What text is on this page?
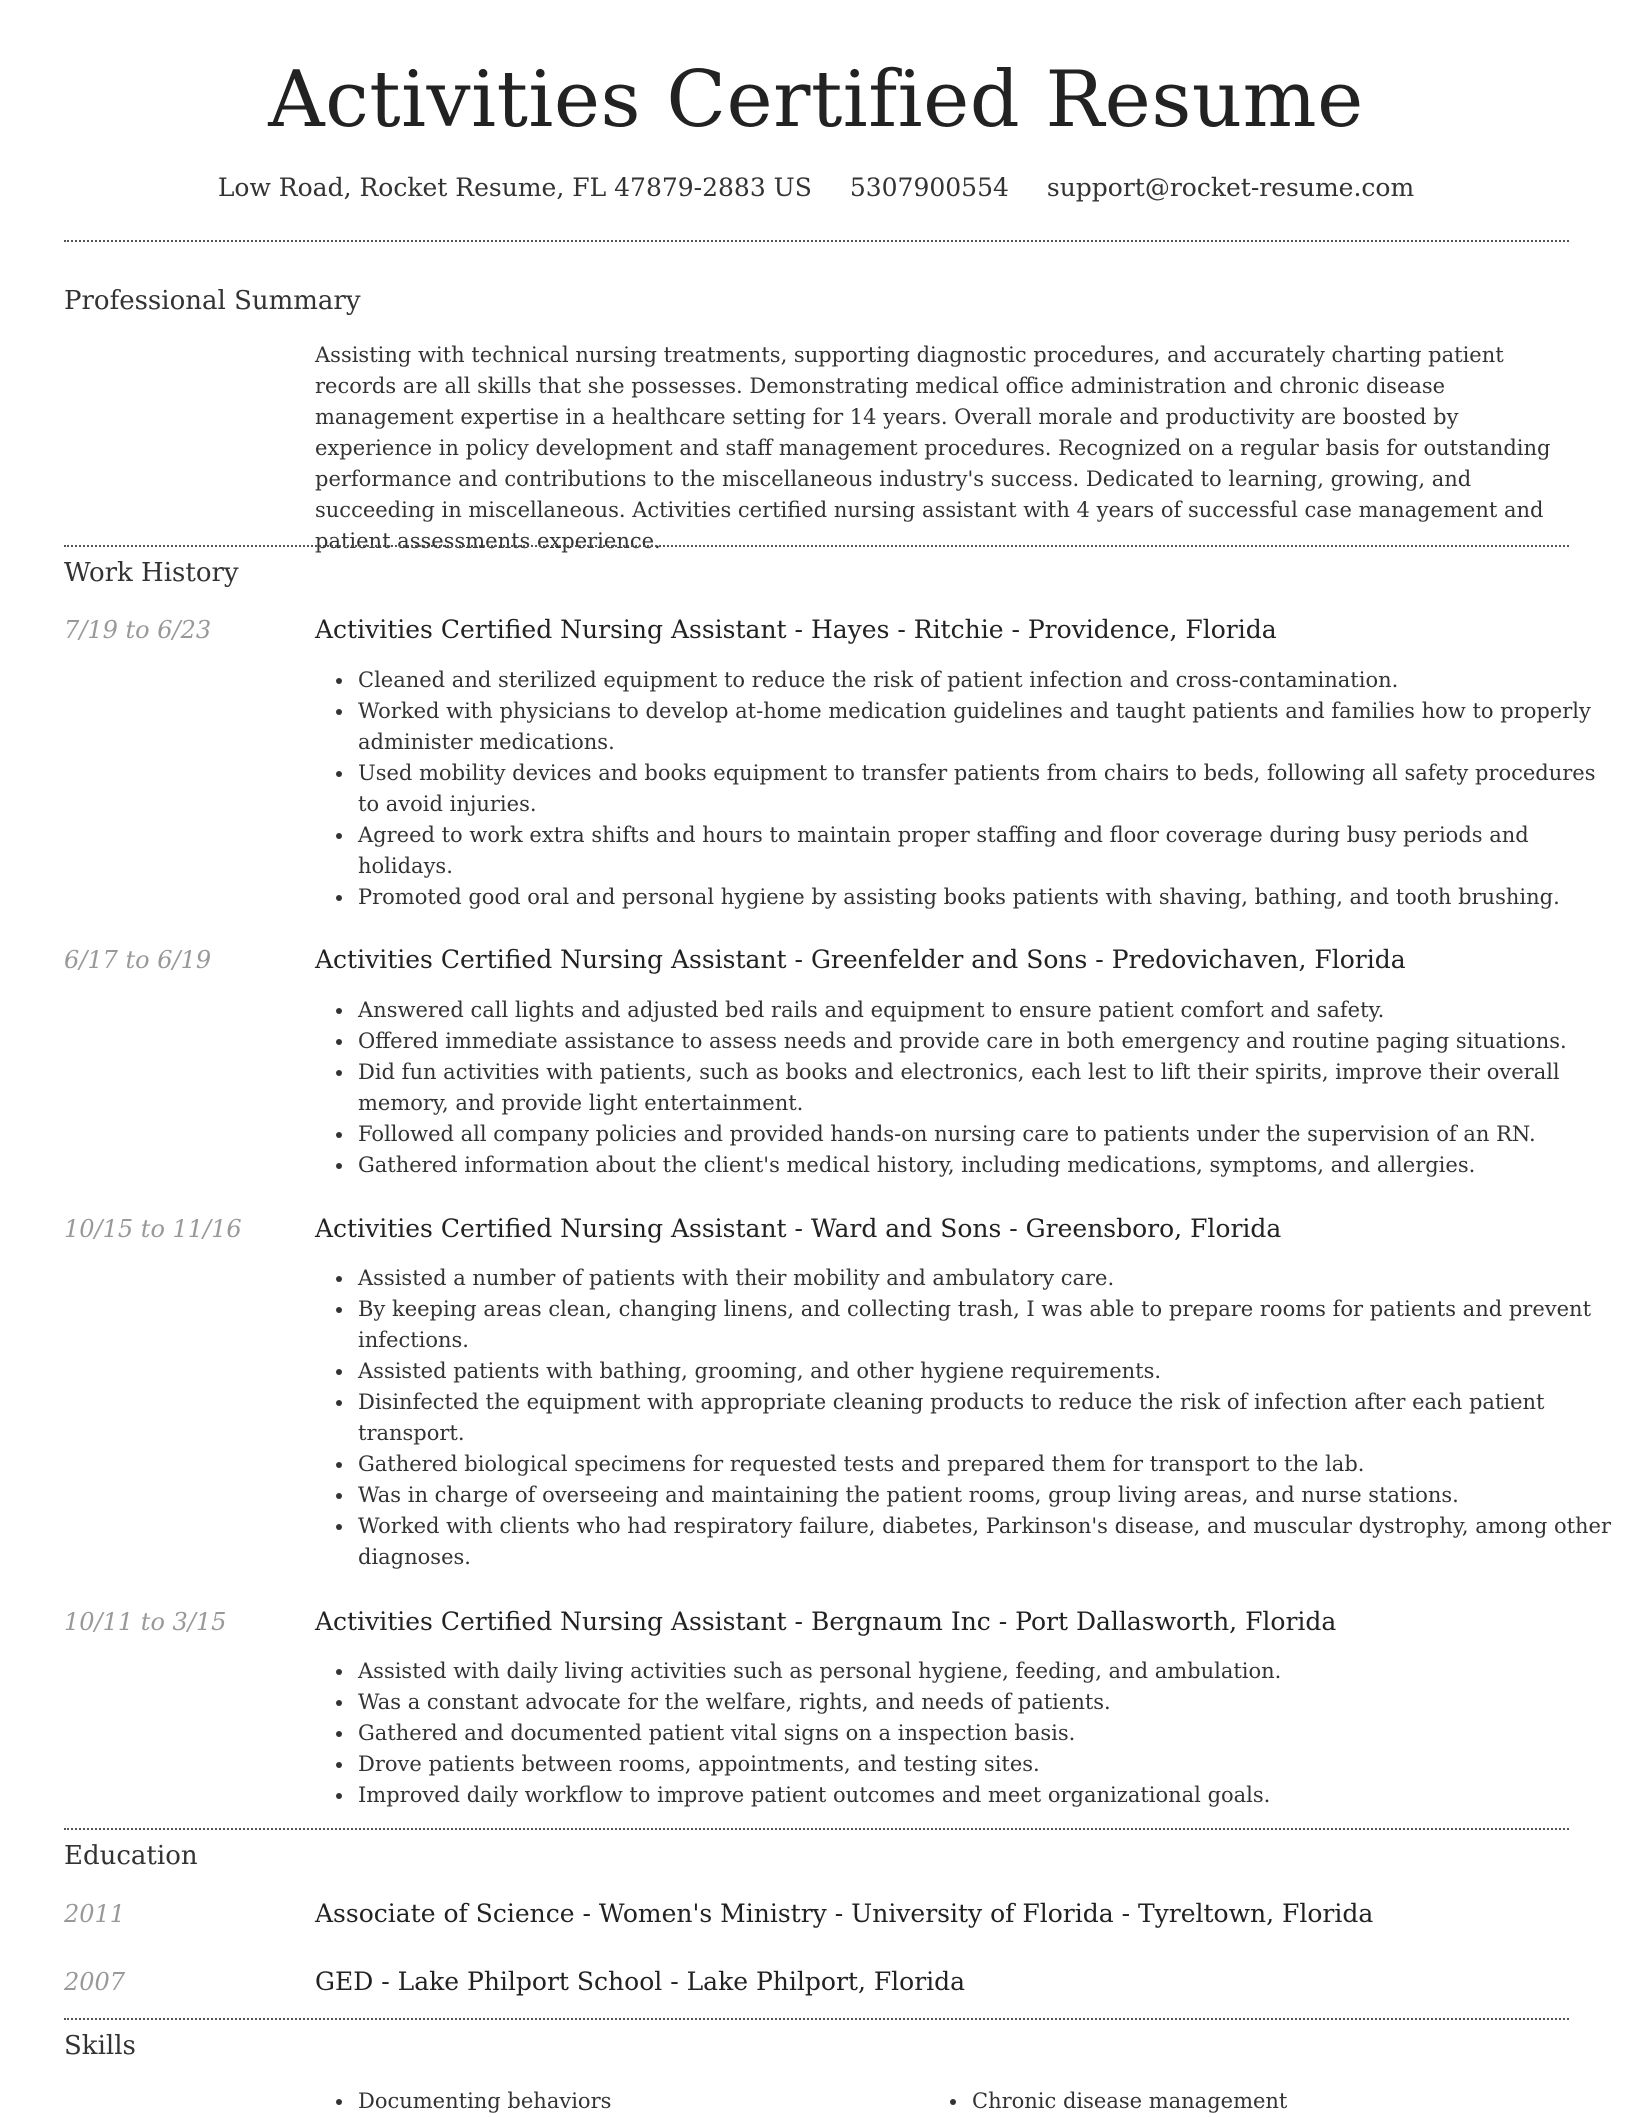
Activities Certified Resume
Low Road, Rocket Resume, FL 47879-2883 US 5307900554 support@rocket-resume.com
Professional Summary
Assisting with technical nursing treatments, supporting diagnostic procedures, and accurately charting patient records are all skills that she possesses. Demonstrating medical office administration and chronic disease management expertise in a healthcare setting for 14 years. Overall morale and productivity are boosted by experience in policy development and staff management procedures. Recognized on a regular basis for outstanding performance and contributions to the miscellaneous industry's success. Dedicated to learning, growing, and succeeding in miscellaneous. Activities certified nursing assistant with 4 years of successful case management and patient assessments experience.
Work History
7/19 to 6/23	Activities Certified Nursing Assistant - Hayes - Ritchie - Providence, Florida
Cleaned and sterilized equipment to reduce the risk of patient infection and cross-contamination.
Worked with physicians to develop at-home medication guidelines and taught patients and families how to properly administer medications.
Used mobility devices and books equipment to transfer patients from chairs to beds, following all safety procedures to avoid injuries.
Agreed to work extra shifts and hours to maintain proper staffing and floor coverage during busy periods and holidays.
Promoted good oral and personal hygiene by assisting books patients with shaving, bathing, and tooth brushing.
6/17 to 6/19	Activities Certified Nursing Assistant - Greenfelder and Sons - Predovichaven, Florida
Answered call lights and adjusted bed rails and equipment to ensure patient comfort and safety.
Offered immediate assistance to assess needs and provide care in both emergency and routine paging situations.
Did fun activities with patients, such as books and electronics, each lest to lift their spirits, improve their overall memory, and provide light entertainment.
Followed all company policies and provided hands-on nursing care to patients under the supervision of an RN.
Gathered information about the client's medical history, including medications, symptoms, and allergies.
10/15 to 11/16	Activities Certified Nursing Assistant - Ward and Sons - Greensboro, Florida
Assisted a number of patients with their mobility and ambulatory care.
By keeping areas clean, changing linens, and collecting trash, I was able to prepare rooms for patients and prevent infections.
Assisted patients with bathing, grooming, and other hygiene requirements.
Disinfected the equipment with appropriate cleaning products to reduce the risk of infection after each patient transport.
Gathered biological specimens for requested tests and prepared them for transport to the lab.
Was in charge of overseeing and maintaining the patient rooms, group living areas, and nurse stations.
Worked with clients who had respiratory failure, diabetes, Parkinson's disease, and muscular dystrophy, among other diagnoses.
10/11 to 3/15	Activities Certified Nursing Assistant - Bergnaum Inc - Port Dallasworth, Florida
Assisted with daily living activities such as personal hygiene, feeding, and ambulation.
Was a constant advocate for the welfare, rights, and needs of patients.
Gathered and documented patient vital signs on a inspection basis.
Drove patients between rooms, appointments, and testing sites.
Improved daily workflow to improve patient outcomes and meet organizational goals.
Education
2011	Associate of Science - Women's Ministry - University of Florida - Tyreltown, Florida
2007	GED - Lake Philport School - Lake Philport, Florida
Skills
Documenting behaviors	Chronic disease management
